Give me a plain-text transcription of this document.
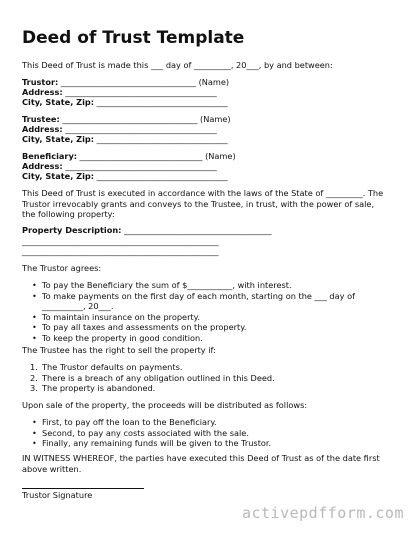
Deed of Trust Template
This Deed of Trust is made this ___ day of _________, 20___, by and between:
Trustor: _________________________________ (Name)
Address: _____________________________________
City, State, Zip: ________________________________
Trustee: _________________________________ (Name)
Address: _____________________________________
City, State, Zip: ________________________________
Beneficiary: ______________________________ (Name)
Address: _____________________________________
City, State, Zip: ________________________________
This Deed of Trust is executed in accordance with the laws of the State of _________. The Trustor irrevocably grants and conveys to the Trustee, in trust, with the power of sale, the following property:
Property Description: ____________________________________
________________________________________________
________________________________________________
The Trustor agrees:
• To pay the Beneficiary the sum of $___________, with interest.
• To make payments on the first day of each month, starting on the ___ day of __________, 20___.
• To maintain insurance on the property.
• To pay all taxes and assessments on the property.
• To keep the property in good condition.
The Trustee has the right to sell the property if:
1. The Trustor defaults on payments.
2. There is a breach of any obligation outlined in this Deed.
3. The property is abandoned.
Upon sale of the property, the proceeds will be distributed as follows:
• First, to pay off the loan to the Beneficiary.
• Second, to pay any costs associated with the sale.
• Finally, any remaining funds will be given to the Trustor.
IN WITNESS WHEREOF, the parties have executed this Deed of Trust as of the date first above written.
Trustor Signature
activepdfform.com
